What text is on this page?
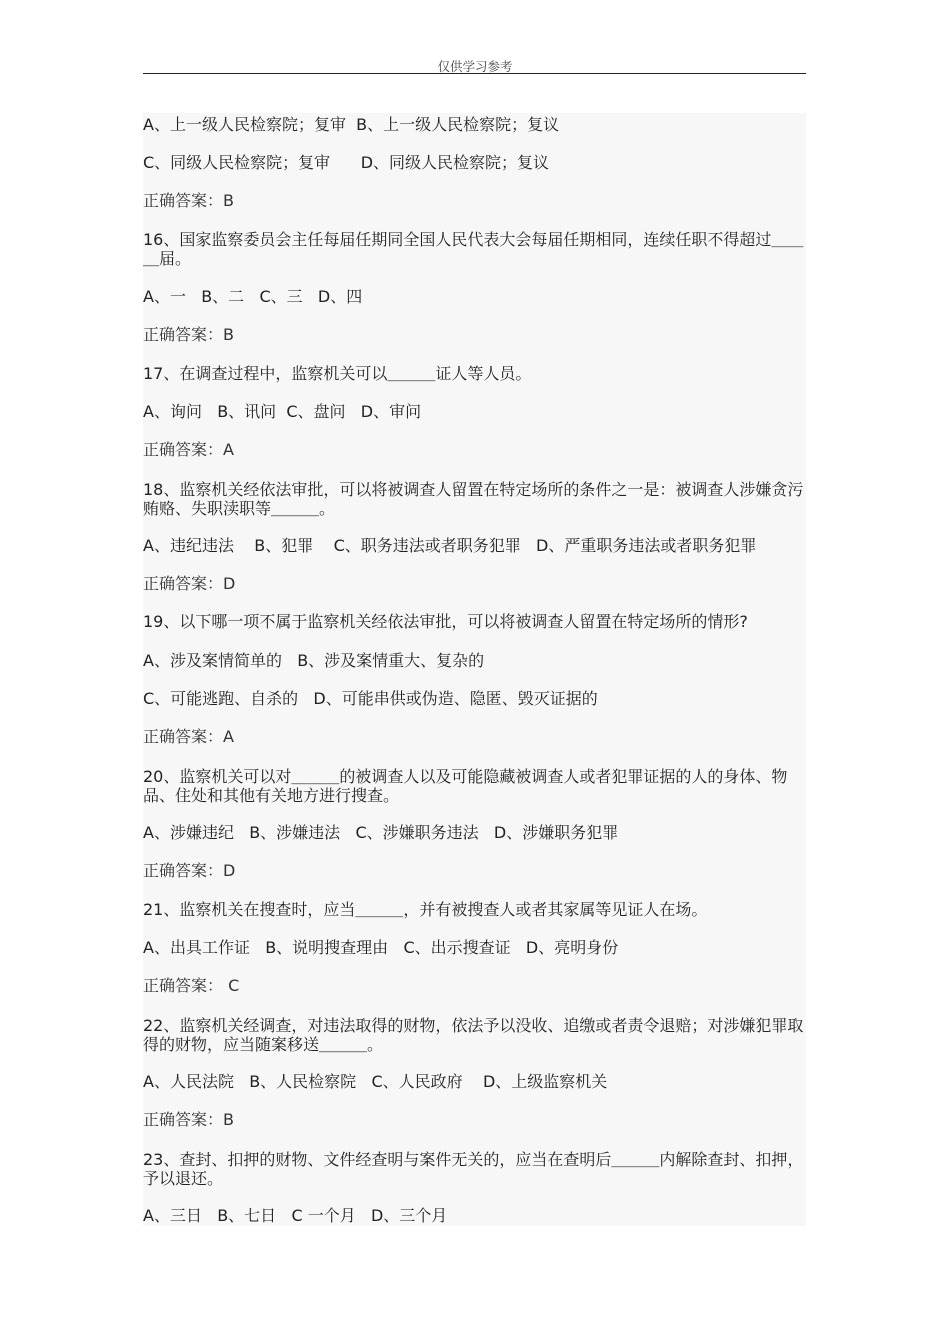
仅供学习参考
A、上一级人民检察院；复审  B、上一级人民检察院；复议
C、同级人民检察院；复审      D、同级人民检察院；复议
正确答案：B
16、国家监察委员会主任每届任期同全国人民代表大会每届任期相同，连续任职不得超过＿＿＿届。
A、一   B、二   C、三   D、四
正确答案：B
17、在调查过程中，监察机关可以＿＿＿证人等人员。
A、询问   B、讯问  C、盘问   D、审问
正确答案：A
18、监察机关经依法审批，可以将被调查人留置在特定场所的条件之一是：被调查人涉嫌贪污贿赂、失职渎职等＿＿＿。
A、违纪违法    B、犯罪    C、职务违法或者职务犯罪   D、严重职务违法或者职务犯罪
正确答案：D
19、以下哪一项不属于监察机关经依法审批，可以将被调查人留置在特定场所的情形?
A、涉及案情简单的   B、涉及案情重大、复杂的
C、可能逃跑、自杀的   D、可能串供或伪造、隐匿、毁灭证据的
正确答案：A
20、监察机关可以对＿＿＿的被调查人以及可能隐藏被调查人或者犯罪证据的人的身体、物品、住处和其他有关地方进行搜查。
A、涉嫌违纪   B、涉嫌违法   C、涉嫌职务违法   D、涉嫌职务犯罪
正确答案：D
21、监察机关在搜查时，应当＿＿＿，并有被搜查人或者其家属等见证人在场。
A、出具工作证   B、说明搜查理由   C、出示搜查证   D、亮明身份
正确答案： C
22、监察机关经调查，对违法取得的财物，依法予以没收、追缴或者责令退赔；对涉嫌犯罪取得的财物，应当随案移送＿＿＿。
A、人民法院   B、人民检察院   C、人民政府    D、上级监察机关
正确答案：B
23、查封、扣押的财物、文件经查明与案件无关的，应当在查明后＿＿＿内解除查封、扣押，予以退还。
A、三日   B、七日   C 一个月   D、三个月
